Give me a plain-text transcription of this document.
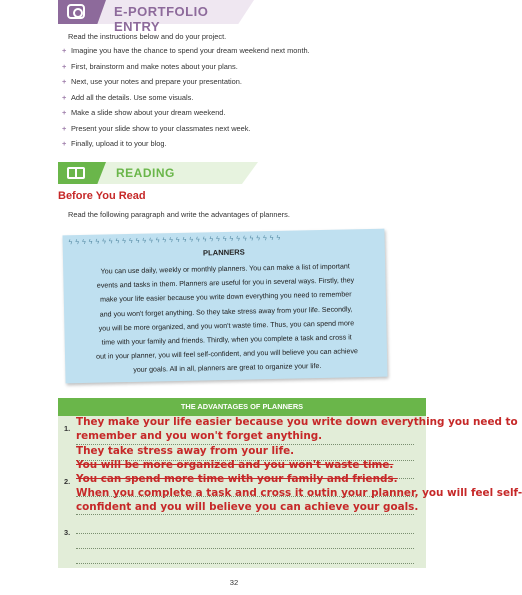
E-PORTFOLIO ENTRY
Read the instructions below and do your project.
+ Imagine you have the chance to spend your dream weekend next month.
+ First, brainstorm and make notes about your plans.
+ Next, use your notes and prepare your presentation.
+ Add all the details. Use some visuals.
+ Make a slide show about your dream weekend.
+ Present your slide show to your classmates next week.
+ Finally, upload it to your blog.
READING
Before You Read
Read the following paragraph and write the advantages of planners.
ϟϟϟϟϟϟϟϟϟϟϟϟϟϟϟϟϟϟϟϟϟϟϟϟϟϟϟϟϟϟϟϟ
PLANNERS
You can use daily, weekly or monthly planners. You can make a list of important
events and tasks in them. Planners are useful for you in several ways. Firstly, they
make your life easier because you write down everything you need to remember
and you won't forget anything. So they take stress away from your life. Secondly,
you will be more organized, and you won't waste time. Thus, you can spend more
time with your family and friends. Thirdly, when you complete a task and cross it
out in your planner, you will feel self-confident, and you will believe you can achieve
your goals. All in all, planners are great to organize your life.
THE ADVANTAGES OF PLANNERS
1.
2.
3.
They make your life easier because you write down everything you need to
remember and you won't forget anything.
They take stress away from your life.
You will be more organized and you won't waste time.
You can spend more time with your family and friends.
When you complete a task and cross it outin your planner, you will feel self-
confident and you will believe you can achieve your goals.
32
